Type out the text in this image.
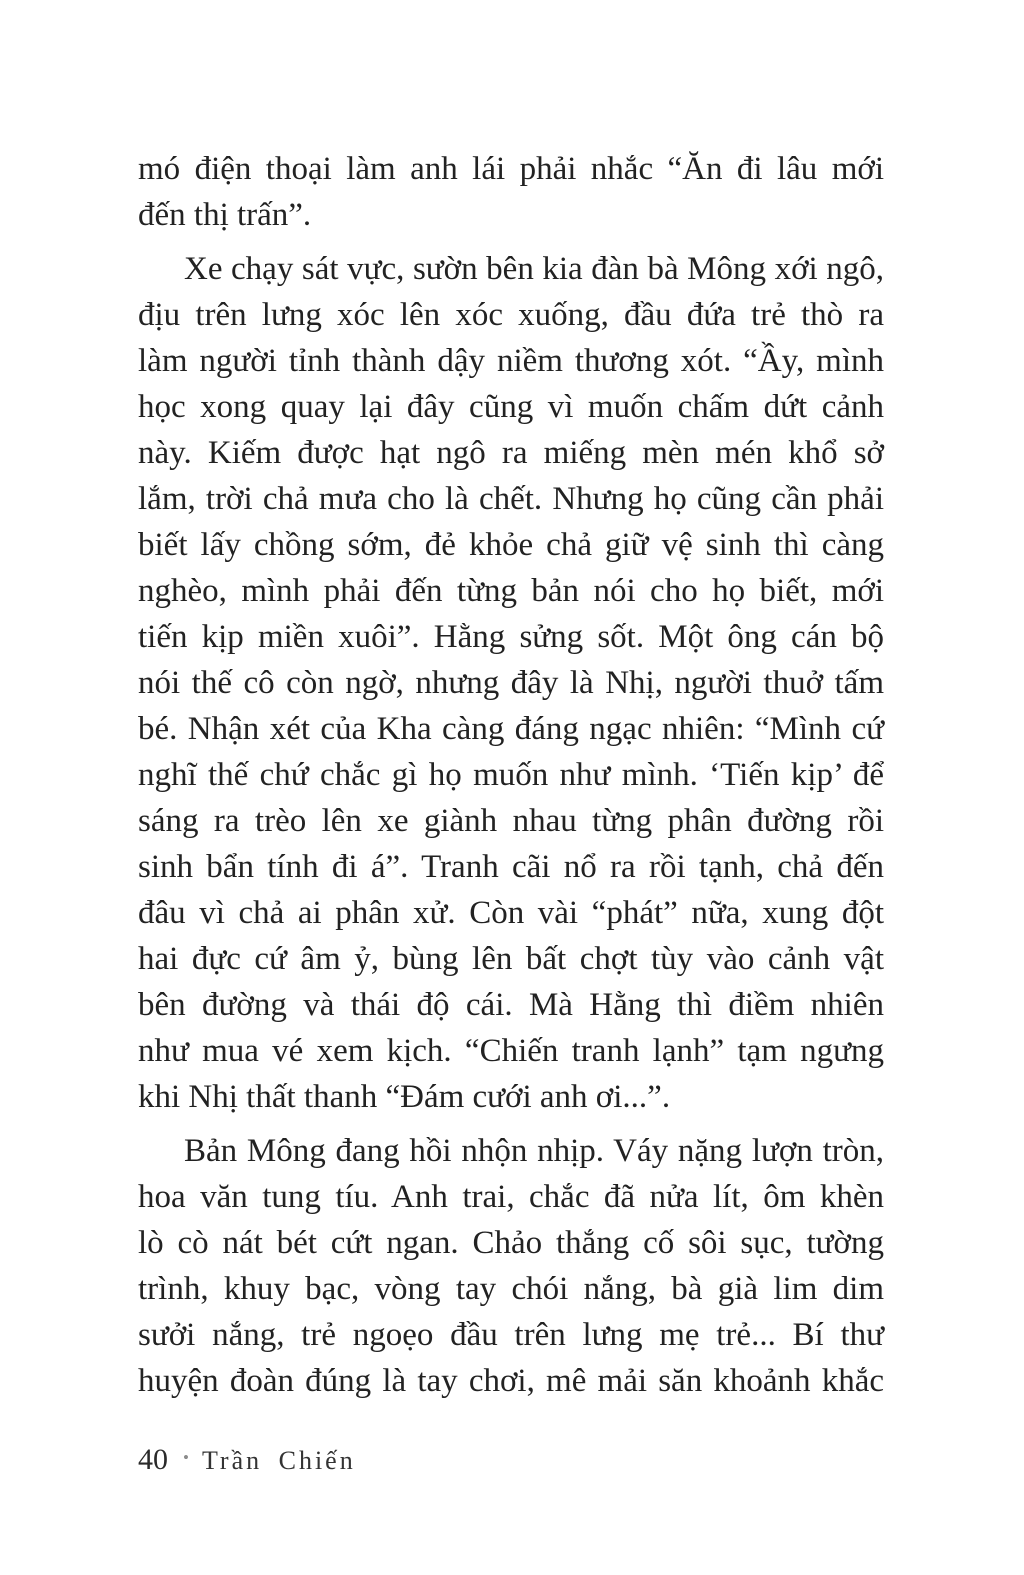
mó điện thoại làm anh lái phải nhắc “Ăn đi lâu mới
đến thị trấn”.
Xe chạy sát vực, sườn bên kia đàn bà Mông xới ngô,
địu trên lưng xóc lên xóc xuống, đầu đứa trẻ thò ra
làm người tỉnh thành dậy niềm thương xót. “Ầy, mình
học xong quay lại đây cũng vì muốn chấm dứt cảnh
này. Kiếm được hạt ngô ra miếng mèn mén khổ sở
lắm, trời chả mưa cho là chết. Nhưng họ cũng cần phải
biết lấy chồng sớm, đẻ khỏe chả giữ vệ sinh thì càng
nghèo, mình phải đến từng bản nói cho họ biết, mới
tiến kịp miền xuôi”. Hằng sửng sốt. Một ông cán bộ
nói thế cô còn ngờ, nhưng đây là Nhị, người thuở tấm
bé. Nhận xét của Kha càng đáng ngạc nhiên: “Mình cứ
nghĩ thế chứ chắc gì họ muốn như mình. ‘Tiến kịp’ để
sáng ra trèo lên xe giành nhau từng phân đường rồi
sinh bẩn tính đi á”. Tranh cãi nổ ra rồi tạnh, chả đến
đâu vì chả ai phân xử. Còn vài “phát” nữa, xung đột
hai đực cứ âm ỷ, bùng lên bất chợt tùy vào cảnh vật
bên đường và thái độ cái. Mà Hằng thì điềm nhiên
như mua vé xem kịch. “Chiến tranh lạnh” tạm ngưng
khi Nhị thất thanh “Đám cưới anh ơi...”.
Bản Mông đang hồi nhộn nhịp. Váy nặng lượn tròn,
hoa văn tung tíu. Anh trai, chắc đã nửa lít, ôm khèn
lò cò nát bét cứt ngan. Chảo thắng cố sôi sục, tường
trình, khuy bạc, vòng tay chói nắng, bà già lim dim
sưởi nắng, trẻ ngoẹo đầu trên lưng mẹ trẻ... Bí thư
huyện đoàn đúng là tay chơi, mê mải săn khoảnh khắc
40 • Trần Chiến
